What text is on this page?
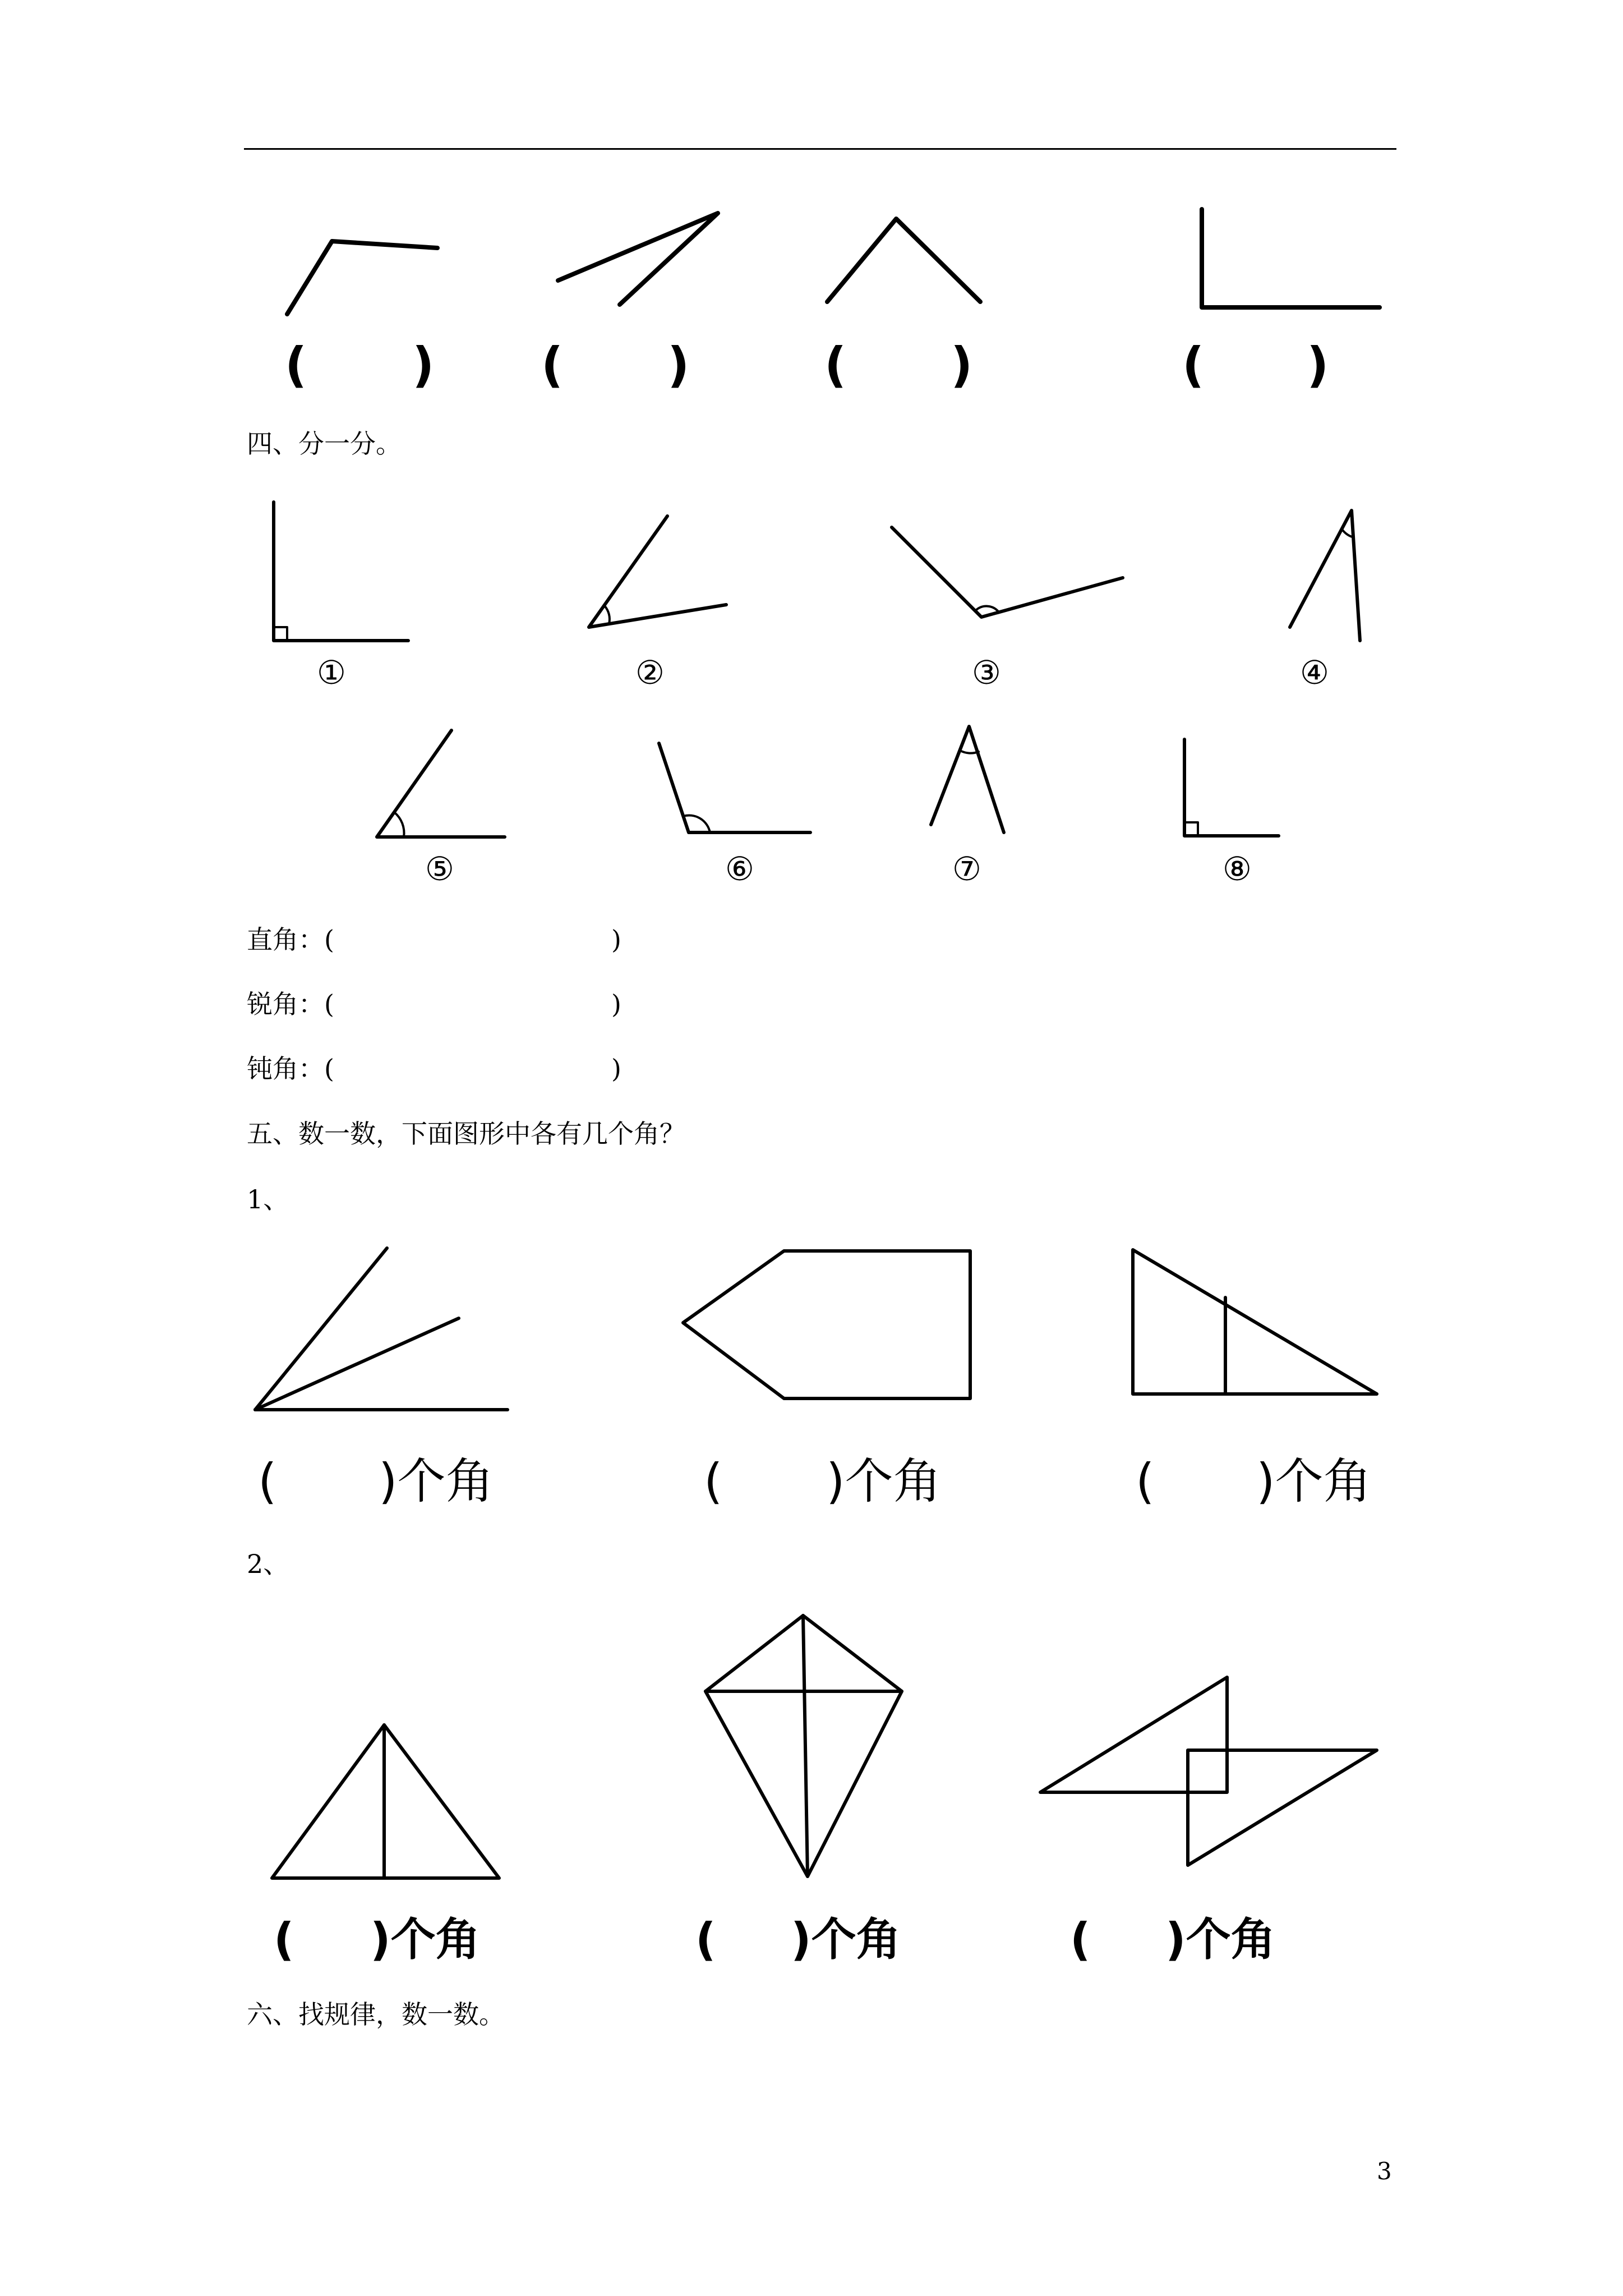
( ) ( )	( )	( )
四、分一分。
①	②	③	④
⑤	⑥	⑦	⑧
直角：(	)
锐角：(	)
钝角：(	)
五、数一数，下面图形中各有几个角？
1、
( )个角	( )个角	( )个角
2、
( )个角	( )个角	( )个角
六、找规律，数一数。
3
